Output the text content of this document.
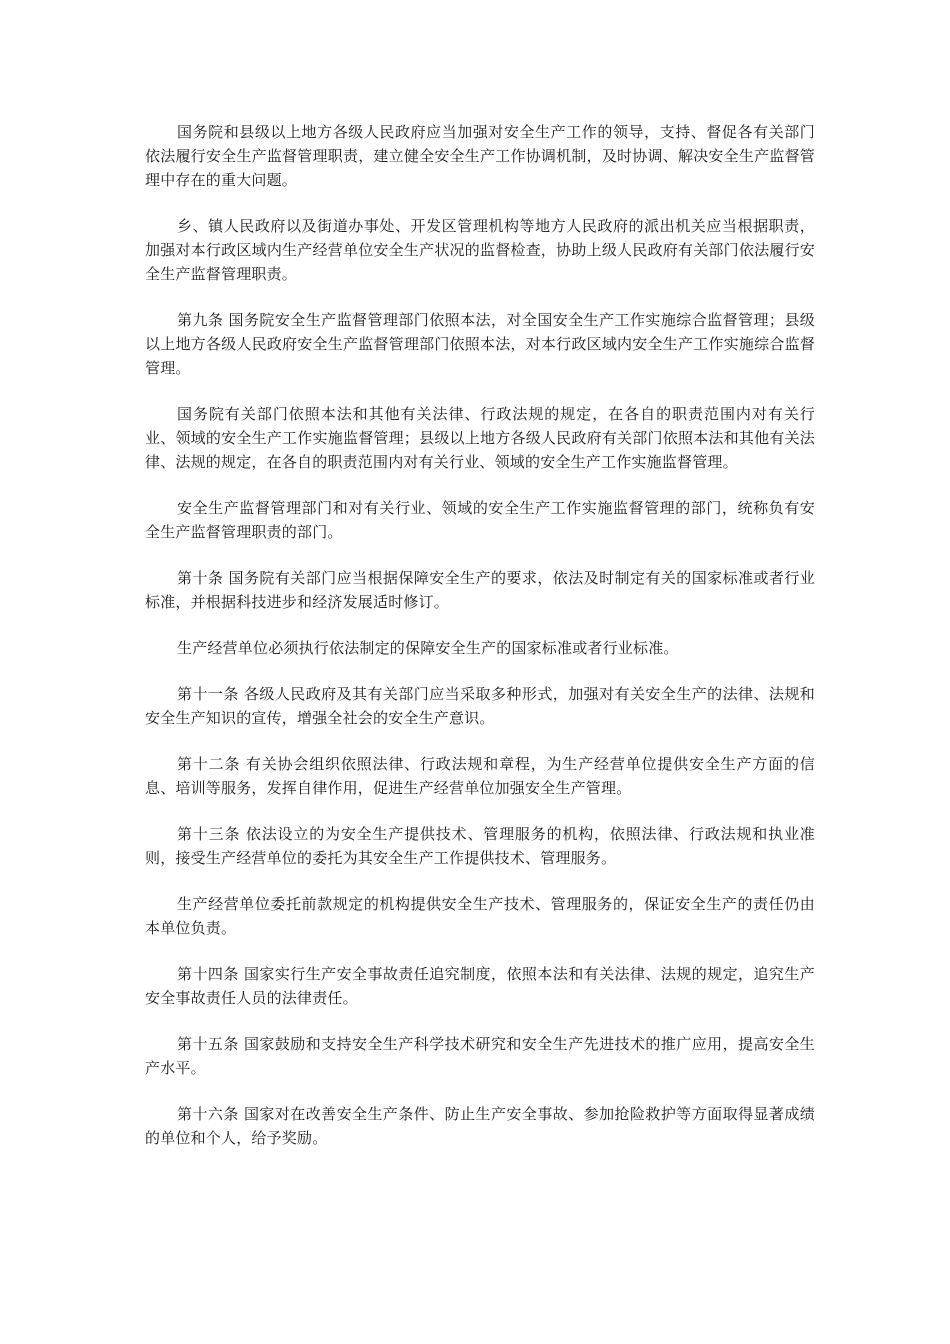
国务院和县级以上地方各级人民政府应当加强对安全生产工作的领导，支持、督促各有关部门依法履行安全生产监督管理职责，建立健全安全生产工作协调机制，及时协调、解决安全生产监督管理中存在的重大问题。

乡、镇人民政府以及街道办事处、开发区管理机构等地方人民政府的派出机关应当根据职责，加强对本行政区域内生产经营单位安全生产状况的监督检查，协助上级人民政府有关部门依法履行安全生产监督管理职责。

第九条 国务院安全生产监督管理部门依照本法，对全国安全生产工作实施综合监督管理；县级以上地方各级人民政府安全生产监督管理部门依照本法，对本行政区域内安全生产工作实施综合监督管理。

国务院有关部门依照本法和其他有关法律、行政法规的规定，在各自的职责范围内对有关行业、领域的安全生产工作实施监督管理；县级以上地方各级人民政府有关部门依照本法和其他有关法律、法规的规定，在各自的职责范围内对有关行业、领域的安全生产工作实施监督管理。

安全生产监督管理部门和对有关行业、领域的安全生产工作实施监督管理的部门，统称负有安全生产监督管理职责的部门。

第十条 国务院有关部门应当根据保障安全生产的要求，依法及时制定有关的国家标准或者行业标准，并根据科技进步和经济发展适时修订。

生产经营单位必须执行依法制定的保障安全生产的国家标准或者行业标准。

第十一条 各级人民政府及其有关部门应当采取多种形式，加强对有关安全生产的法律、法规和安全生产知识的宣传，增强全社会的安全生产意识。

第十二条 有关协会组织依照法律、行政法规和章程，为生产经营单位提供安全生产方面的信息、培训等服务，发挥自律作用，促进生产经营单位加强安全生产管理。

第十三条 依法设立的为安全生产提供技术、管理服务的机构，依照法律、行政法规和执业准则，接受生产经营单位的委托为其安全生产工作提供技术、管理服务。

生产经营单位委托前款规定的机构提供安全生产技术、管理服务的，保证安全生产的责任仍由本单位负责。

第十四条 国家实行生产安全事故责任追究制度，依照本法和有关法律、法规的规定，追究生产安全事故责任人员的法律责任。

第十五条 国家鼓励和支持安全生产科学技术研究和安全生产先进技术的推广应用，提高安全生产水平。

第十六条 国家对在改善安全生产条件、防止生产安全事故、参加抢险救护等方面取得显著成绩的单位和个人，给予奖励。
